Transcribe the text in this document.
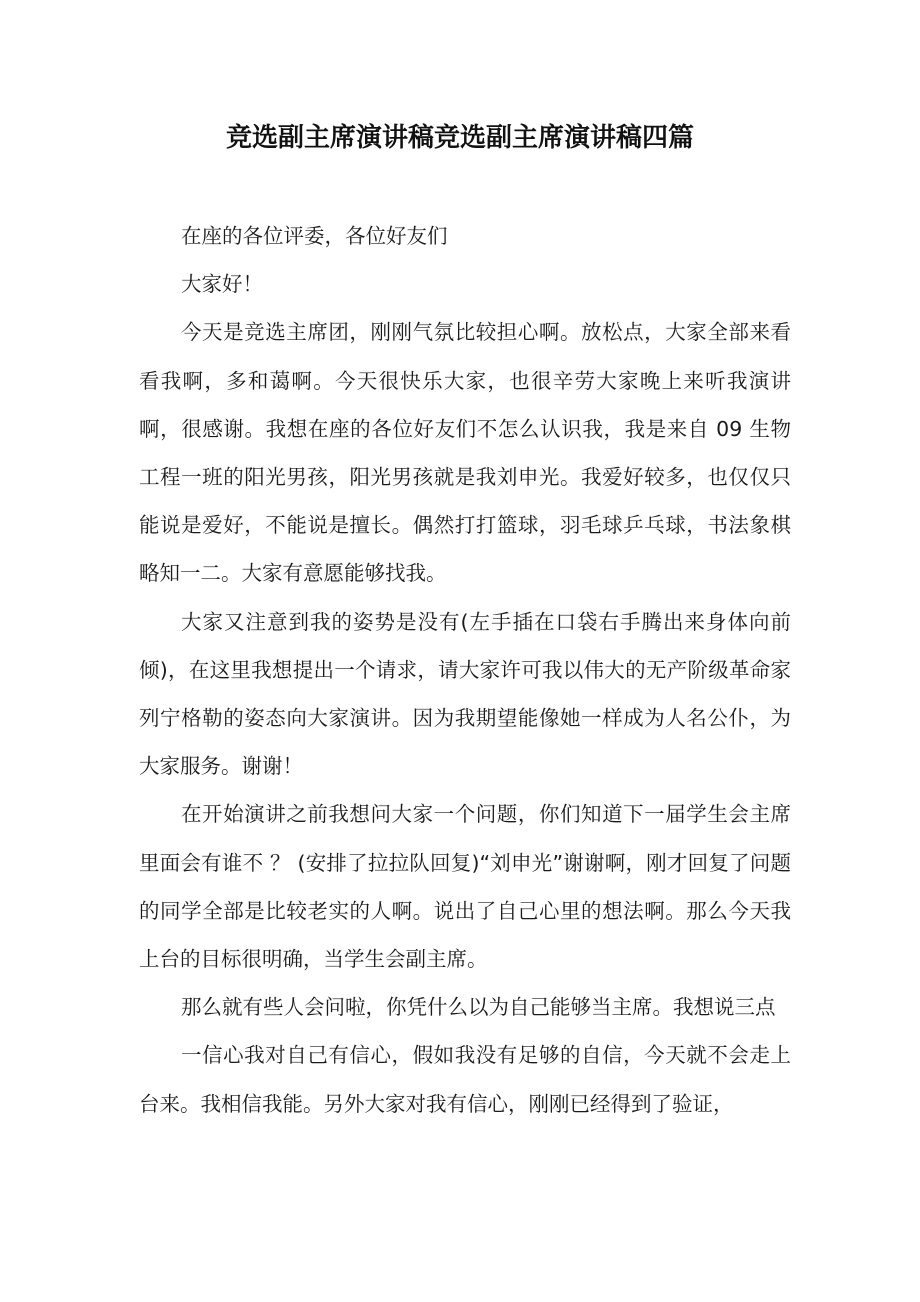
竞选副主席演讲稿竞选副主席演讲稿四篇

在座的各位评委，各位好友们

大家好！

今天是竞选主席团，刚刚气氛比较担心啊。放松点，大家全部来看看我啊，多和蔼啊。今天很快乐大家，也很辛劳大家晚上来听我演讲啊，很感谢。我想在座的各位好友们不怎么认识我，我是来自 09 生物工程一班的阳光男孩，阳光男孩就是我刘申光。我爱好较多，也仅仅只能说是爱好，不能说是擅长。偶然打打篮球，羽毛球乒乓球，书法象棋略知一二。大家有意愿能够找我。

大家又注意到我的姿势是没有(左手插在口袋右手腾出来身体向前倾)，在这里我想提出一个请求，请大家许可我以伟大的无产阶级革命家列宁格勒的姿态向大家演讲。因为我期望能像她一样成为人名公仆，为大家服务。谢谢！

在开始演讲之前我想问大家一个问题，你们知道下一届学生会主席里面会有谁不 ？ (安排了拉拉队回复)“刘申光”谢谢啊，刚才回复了问题的同学全部是比较老实的人啊。说出了自己心里的想法啊。那么今天我上台的目标很明确，当学生会副主席。

那么就有些人会问啦，你凭什么以为自己能够当主席。我想说三点

一信心我对自己有信心，假如我没有足够的自信，今天就不会走上台来。我相信我能。另外大家对我有信心，刚刚已经得到了验证，
